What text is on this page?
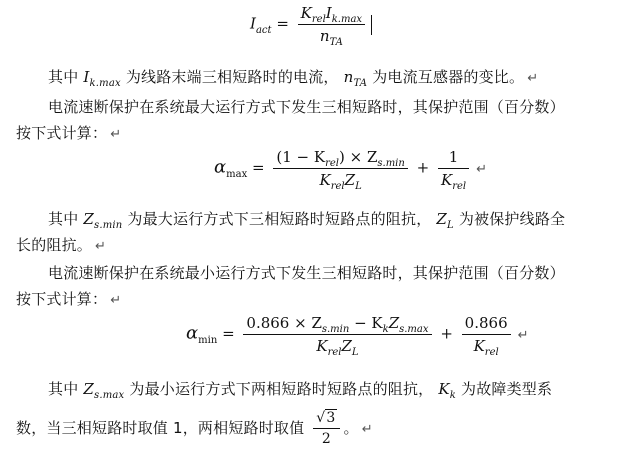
$I_{act} = \frac{K_{rel}I_{k.max}}{n_{TA}}$
其中 $I_{k.max}$ 为线路末端三相短路时的电流， $n_{TA}$ 为电流互感器的变比。 ↵
电流速断保护在系统最大运行方式下发生三相短路时，其保护范围（百分数）
按下式计算： ↵
$\alpha_{max} = \frac{(1 - K_{rel}) \times Z_{s.min}}{K_{rel}Z_L} + \frac{1}{K_{rel}}$ ↵
其中 $Z_{s.min}$ 为最大运行方式下三相短路时短路点的阻抗， $Z_L$ 为被保护线路全
长的阻抗。 ↵
电流速断保护在系统最小运行方式下发生三相短路时，其保护范围（百分数）
按下式计算： ↵
$\alpha_{min} = \frac{0.866 \times Z_{s.min} - K_kZ_{s.max}}{K_{rel}Z_L} + \frac{0.866}{K_{rel}}$ ↵
其中 $Z_{s.max}$ 为最小运行方式下两相短路时短路点的阻抗， $K_k$ 为故障类型系
数，当三相短路时取值 1，两相短路时取值 $\frac{√3}{2}$ 。 ↵
